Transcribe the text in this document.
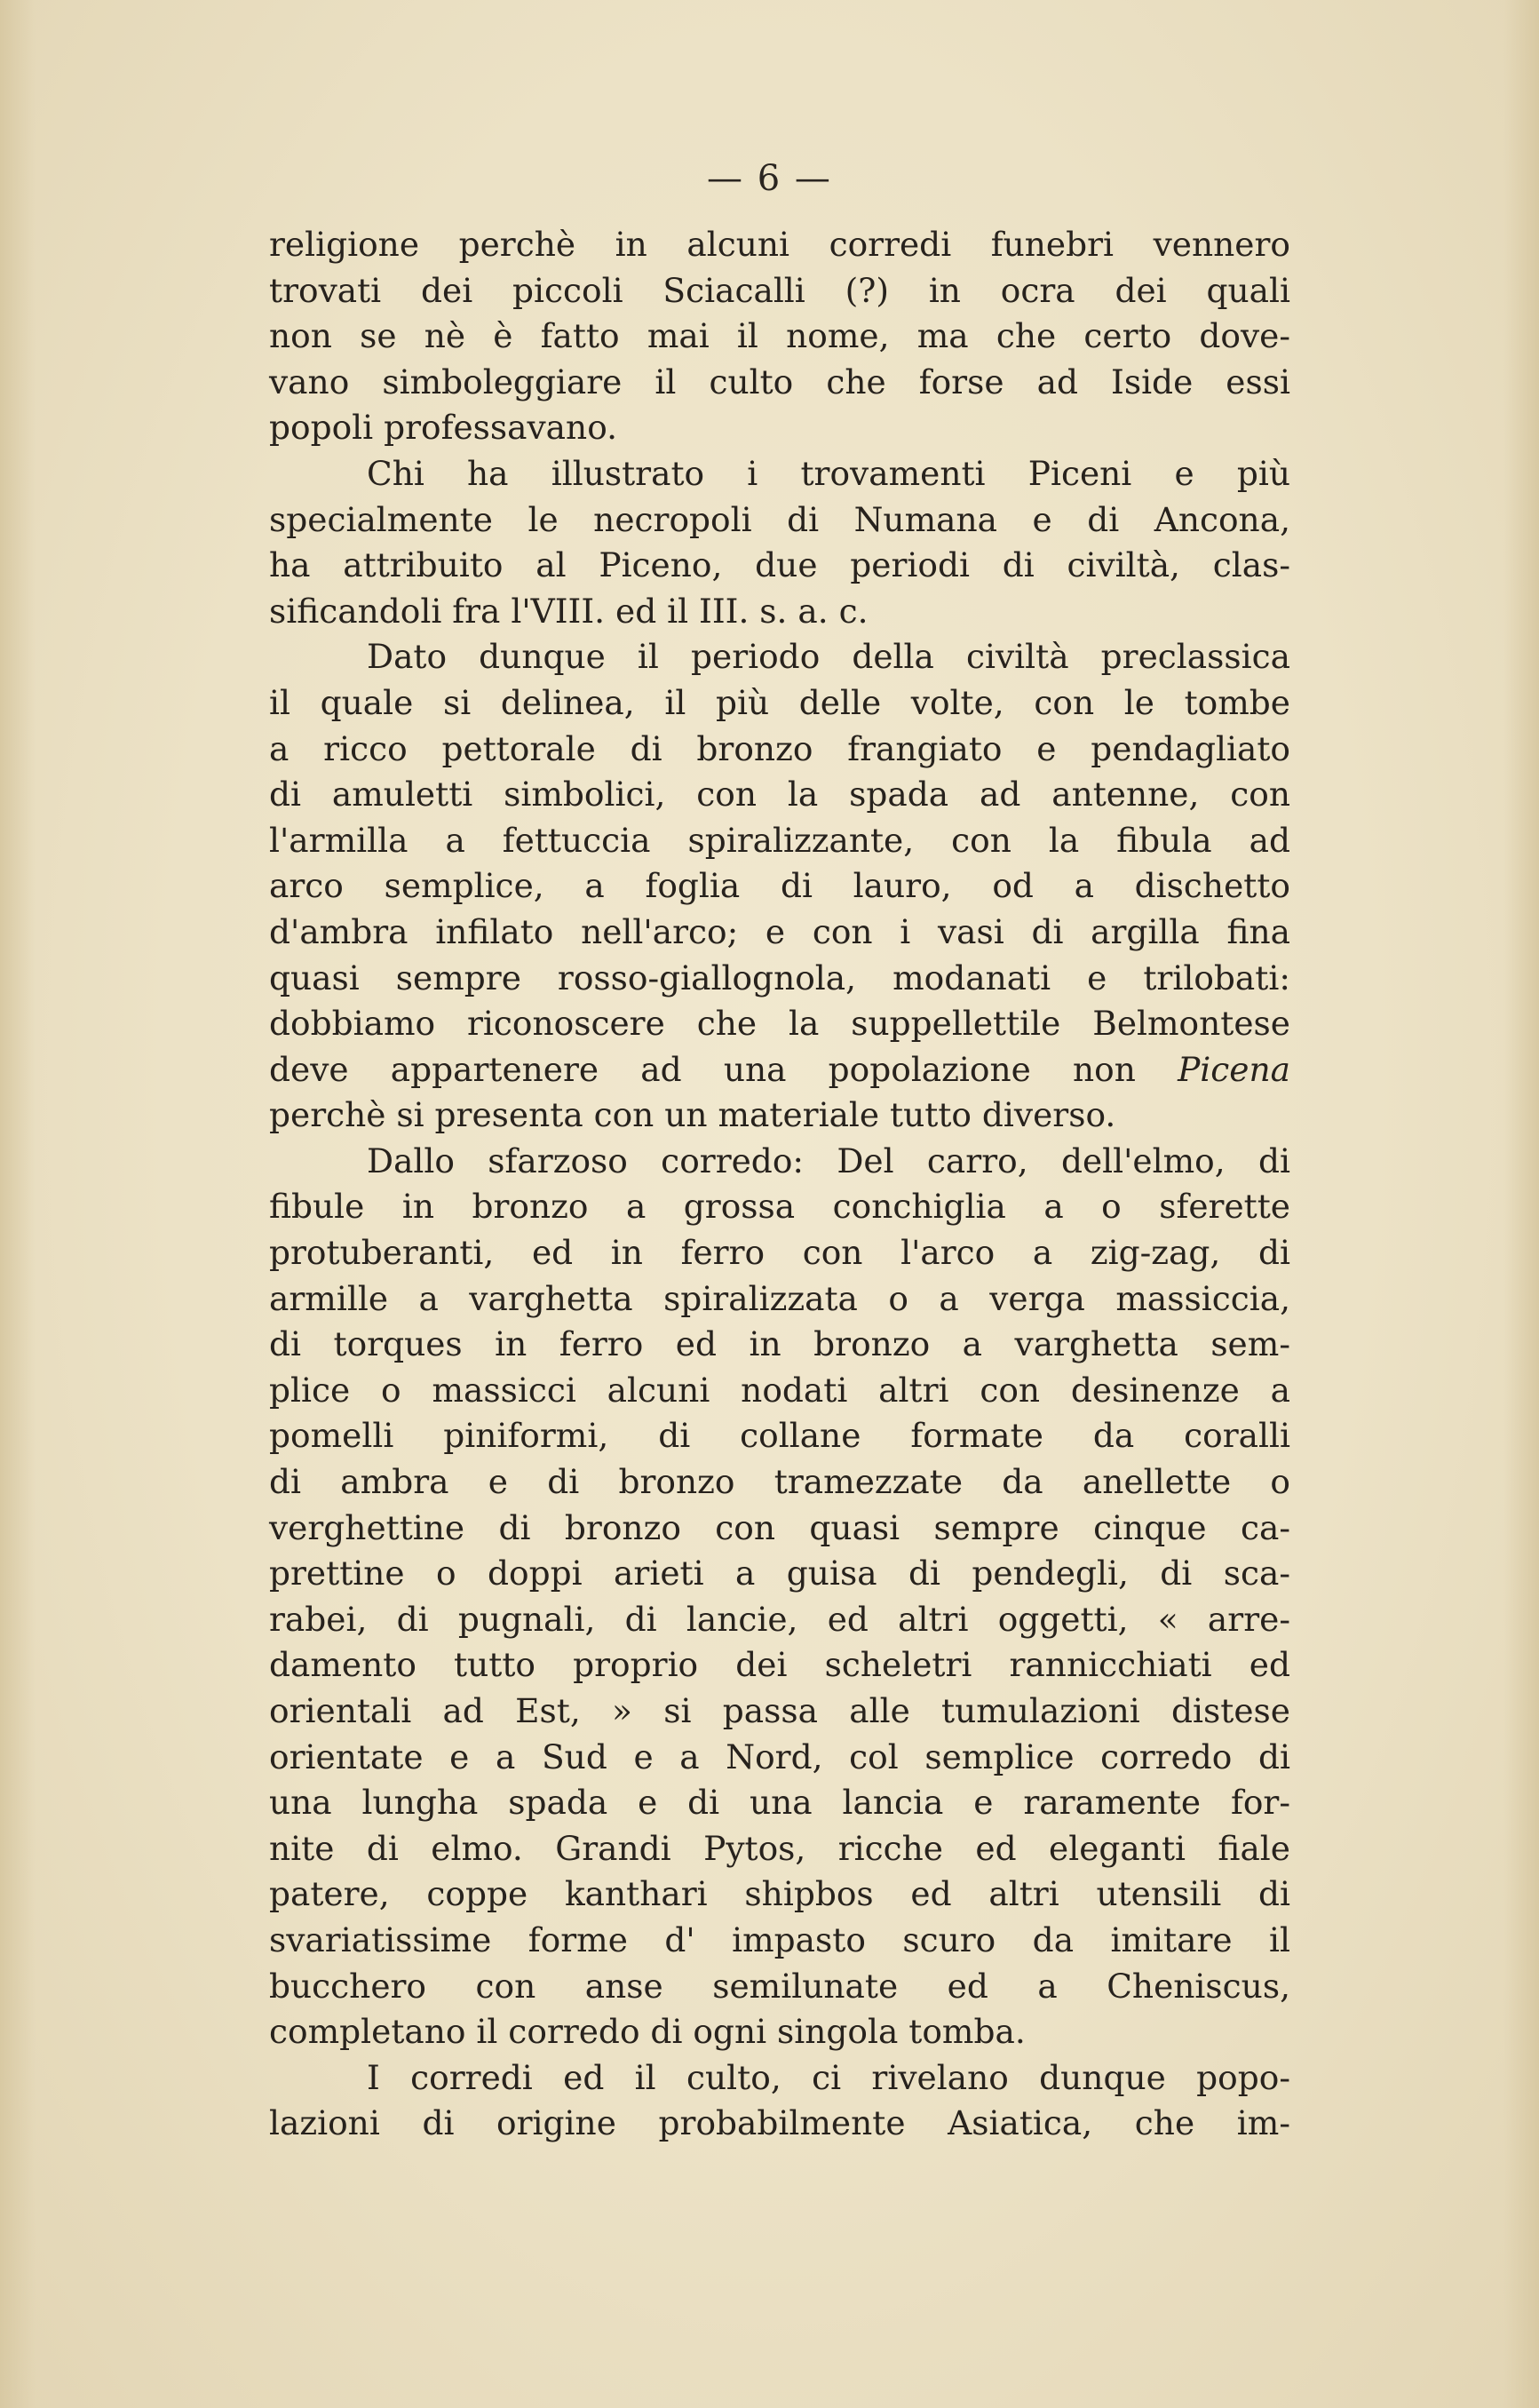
— 6 —
religione perchè in alcuni corredi funebri vennero
trovati dei piccoli Sciacalli (?) in ocra dei quali
non se nè è fatto mai il nome, ma che certo dove-
vano simboleggiare il culto che forse ad Iside essi
popoli professavano.
Chi ha illustrato i trovamenti Piceni e più
specialmente le necropoli di Numana e di Ancona,
ha attribuito al Piceno, due periodi di civiltà, clas-
sificandoli fra l'VIII. ed il III. s. a. c.
Dato dunque il periodo della civiltà preclassica
il quale si delinea, il più delle volte, con le tombe
a ricco pettorale di bronzo frangiato e pendagliato
di amuletti simbolici, con la spada ad antenne, con
l'armilla a fettuccia spiralizzante, con la fibula ad
arco semplice, a foglia di lauro, od a dischetto
d'ambra infilato nell'arco; e con i vasi di argilla fina
quasi sempre rosso-giallognola, modanati e trilobati:
dobbiamo riconoscere che la suppellettile Belmontese
deve appartenere ad una popolazione non Picena
perchè si presenta con un materiale tutto diverso.
Dallo sfarzoso corredo: Del carro, dell'elmo, di
fibule in bronzo a grossa conchiglia a o sferette
protuberanti, ed in ferro con l'arco a zig-zag, di
armille a varghetta spiralizzata o a verga massiccia,
di torques in ferro ed in bronzo a varghetta sem-
plice o massicci alcuni nodati altri con desinenze a
pomelli piniformi, di collane formate da coralli
di ambra e di bronzo tramezzate da anellette o
verghettine di bronzo con quasi sempre cinque ca-
prettine o doppi arieti a guisa di pendegli, di sca-
rabei, di pugnali, di lancie, ed altri oggetti, « arre-
damento tutto proprio dei scheletri rannicchiati ed
orientali ad Est, » si passa alle tumulazioni distese
orientate e a Sud e a Nord, col semplice corredo di
una lungha spada e di una lancia e raramente for-
nite di elmo. Grandi Pytos, ricche ed eleganti fiale
patere, coppe kanthari shipbos ed altri utensili di
svariatissime forme d' impasto scuro da imitare il
bucchero con anse semilunate ed a Cheniscus,
completano il corredo di ogni singola tomba.
I corredi ed il culto, ci rivelano dunque popo-
lazioni di origine probabilmente Asiatica, che im-
